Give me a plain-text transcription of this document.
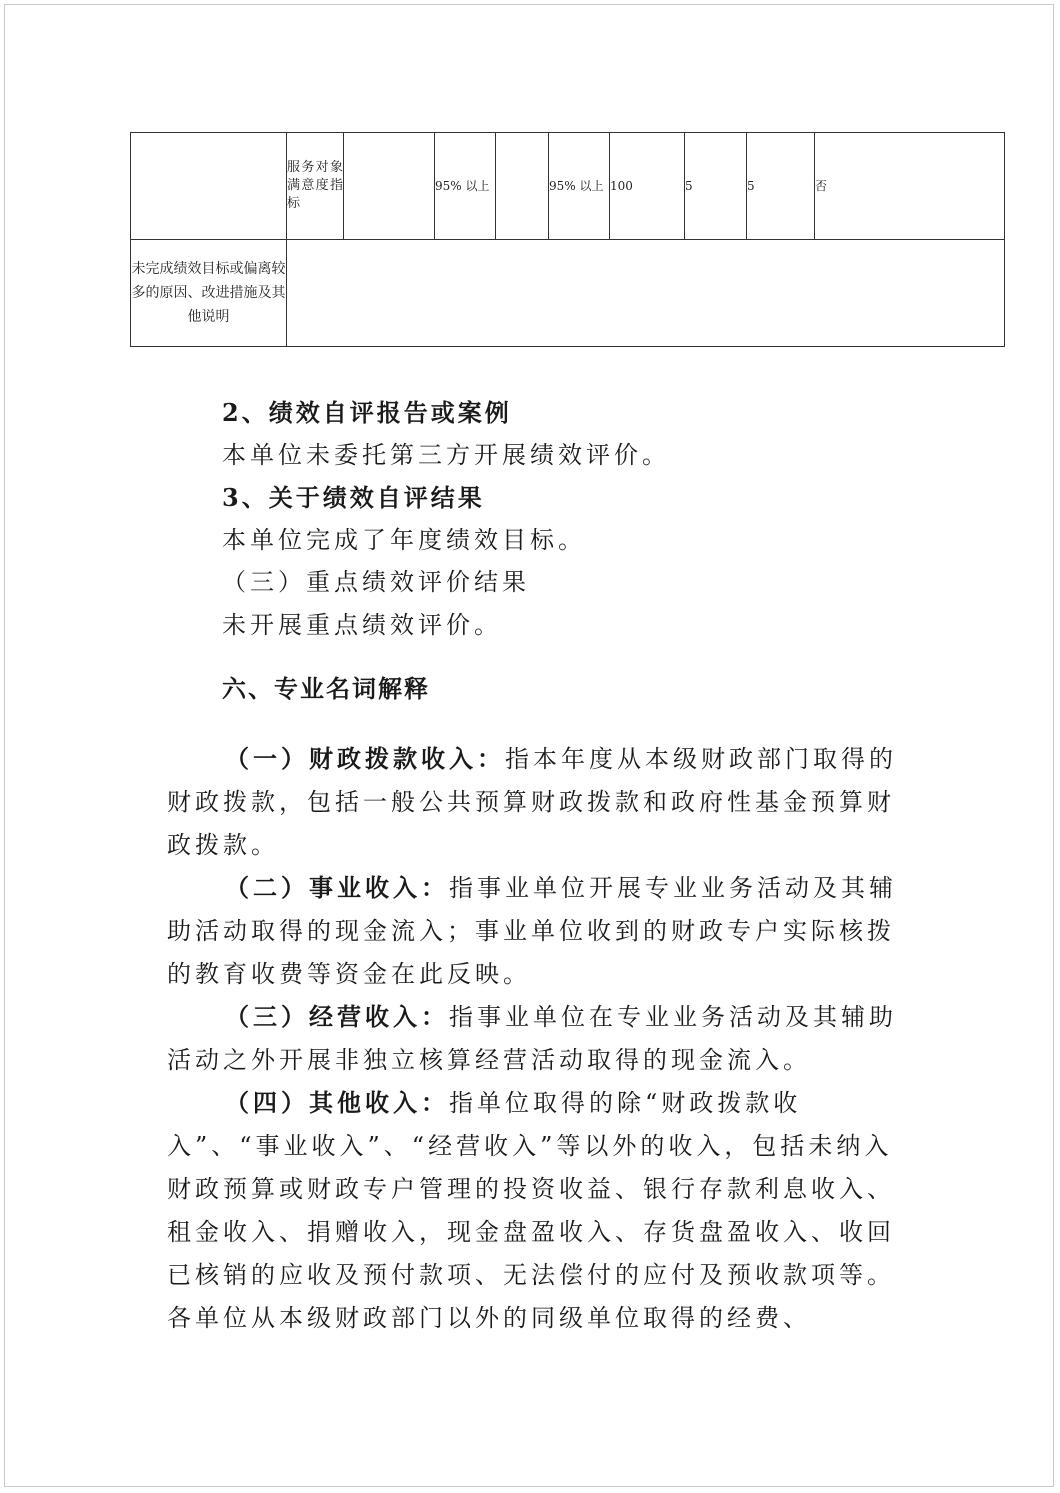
	服务对象满意度指标		95% 以上		95% 以上	100	5	5	否
未完成绩效目标或偏离较多的原因、改进措施及其他说明									
2、绩效自评报告或案例
本单位未委托第三方开展绩效评价。
3、关于绩效自评结果
本单位完成了年度绩效目标。
（三）重点绩效评价结果
未开展重点绩效评价。
六、专业名词解释
（一）财政拨款收入：指本年度从本级财政部门取得的财政拨款，包括一般公共预算财政拨款和政府性基金预算财政拨款。
（二）事业收入：指事业单位开展专业业务活动及其辅助活动取得的现金流入；事业单位收到的财政专户实际核拨的教育收费等资金在此反映。
（三）经营收入：指事业单位在专业业务活动及其辅助活动之外开展非独立核算经营活动取得的现金流入。
（四）其他收入：指单位取得的除“财政拨款收入”、“事业收入”、“经营收入”等以外的收入，包括未纳入财政预算或财政专户管理的投资收益、银行存款利息收入、租金收入、捐赠收入，现金盘盈收入、存货盘盈收入、收回已核销的应收及预付款项、无法偿付的应付及预收款项等。各单位从本级财政部门以外的同级单位取得的经费、
